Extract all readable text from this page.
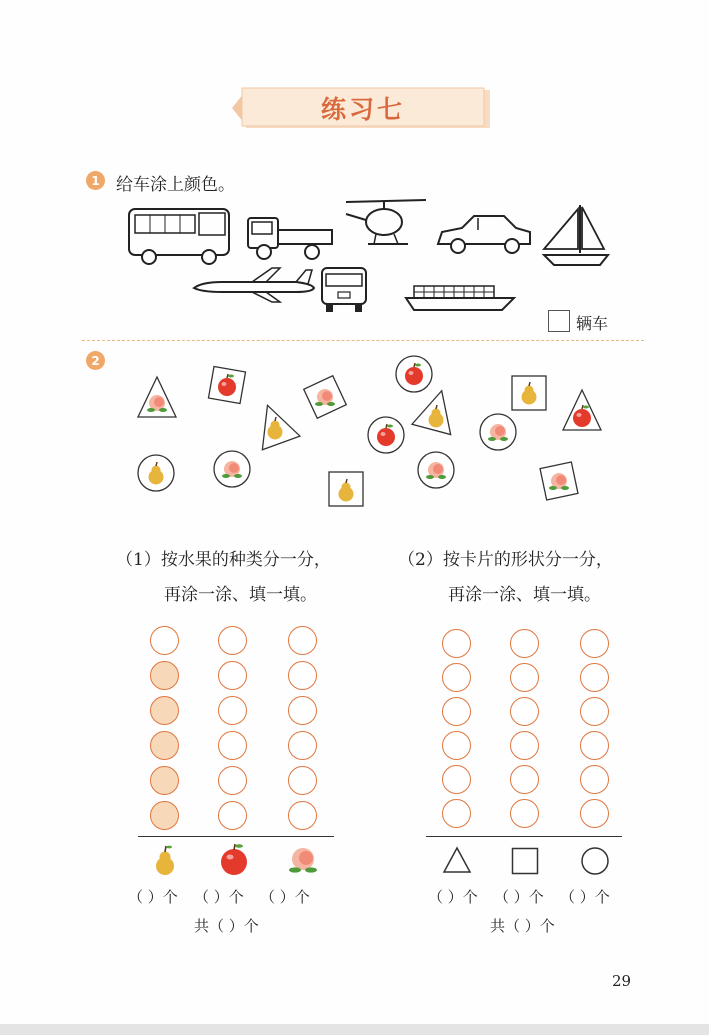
练习七
1 给车涂上颜色。
辆车
2
（1）按水果的种类分一分，
再涂一涂、填一填。
（2）按卡片的形状分一分，
再涂一涂、填一填。
（ ）个 （ ）个 （ ）个
共（ ）个
（ ）个 （ ）个 （ ）个
共（ ）个
29
